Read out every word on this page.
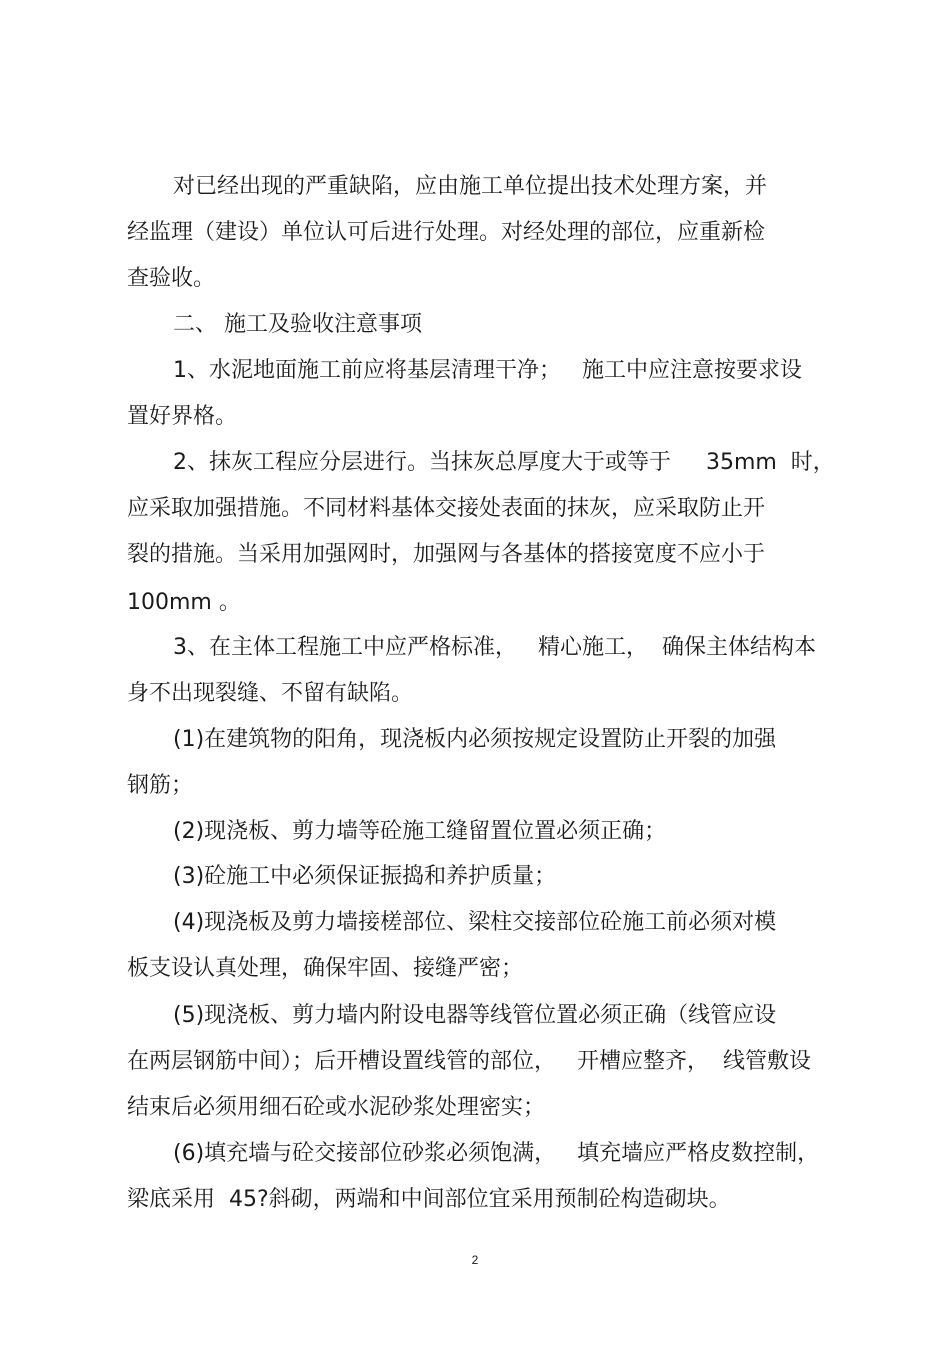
对已经出现的严重缺陷，应由施工单位提出技术处理方案，并
经监理（建设）单位认可后进行处理。对经处理的部位，应重新检
查验收。
二、 施工及验收注意事项
1、水泥地面施工前应将基层清理干净；   施工中应注意按要求设
置好界格。
2、抹灰工程应分层进行。当抹灰总厚度大于或等于     35mm  时，
应采取加强措施。不同材料基体交接处表面的抹灰，应采取防止开
裂的措施。当采用加强网时，加强网与各基体的搭接宽度不应小于
100mm 。
3、在主体工程施工中应严格标准，   精心施工，  确保主体结构本
身不出现裂缝、不留有缺陷。
(1)在建筑物的阳角，现浇板内必须按规定设置防止开裂的加强
钢筋；
(2)现浇板、剪力墙等砼施工缝留置位置必须正确；
(3)砼施工中必须保证振捣和养护质量；
(4)现浇板及剪力墙接槎部位、梁柱交接部位砼施工前必须对模
板支设认真处理，确保牢固、接缝严密；
(5)现浇板、剪力墙内附设电器等线管位置必须正确（线管应设
在两层钢筋中间）；后开槽设置线管的部位，   开槽应整齐，  线管敷设
结束后必须用细石砼或水泥砂浆处理密实；
(6)填充墙与砼交接部位砂浆必须饱满，   填充墙应严格皮数控制，
梁底采用  45?斜砌，两端和中间部位宜采用预制砼构造砌块。
2
